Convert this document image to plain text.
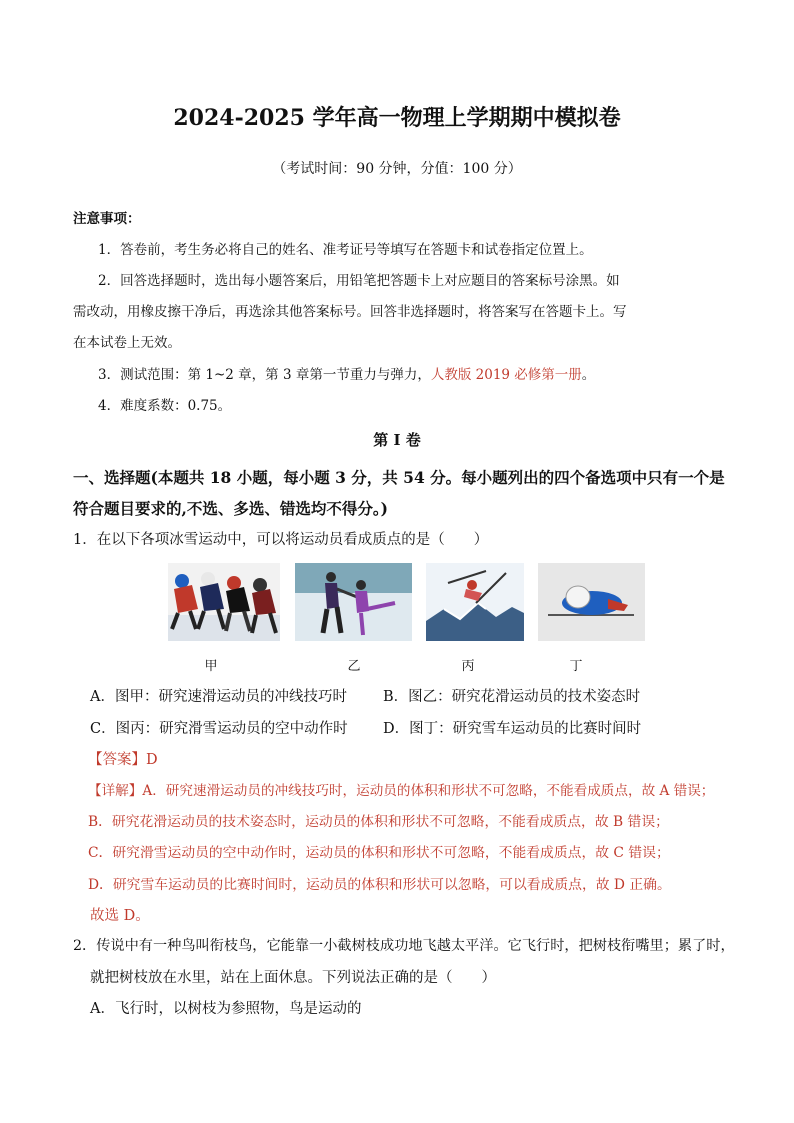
2024-2025 学年高一物理上学期期中模拟卷
（考试时间：90 分钟，分值：100 分）
注意事项：
1．答卷前，考生务必将自己的姓名、准考证号等填写在答题卡和试卷指定位置上。
2．回答选择题时，选出每小题答案后，用铅笔把答题卡上对应题目的答案标号涂黑。如
需改动，用橡皮擦干净后，再选涂其他答案标号。回答非选择题时，将答案写在答题卡上。写
在本试卷上无效。
3．测试范围：第 1~2 章，第 3 章第一节重力与弹力，人教版 2019 必修第一册。
4．难度系数：0.75。
第 I 卷
一、选择题(本题共 18 小题，每小题 3 分，共 54 分。每小题列出的四个备选项中只有一个是
符合题目要求的,不选、多选、错选均不得分。)
1．在以下各项冰雪运动中，可以将运动员看成质点的是（　　）
甲	乙	丙	丁
A．图甲：研究速滑运动员的冲线技巧时 B．图乙：研究花滑运动员的技术姿态时
C．图丙：研究滑雪运动员的空中动作时 D．图丁：研究雪车运动员的比赛时间时
【答案】D
【详解】A．研究速滑运动员的冲线技巧时，运动员的体积和形状不可忽略，不能看成质点，故 A 错误；
B．研究花滑运动员的技术姿态时，运动员的体积和形状不可忽略，不能看成质点，故 B 错误；
C．研究滑雪运动员的空中动作时，运动员的体积和形状不可忽略，不能看成质点，故 C 错误；
D．研究雪车运动员的比赛时间时，运动员的体积和形状可以忽略，可以看成质点，故 D 正确。
故选 D。
2．传说中有一种鸟叫衔枝鸟，它能靠一小截树枝成功地飞越太平洋。它飞行时，把树枝衔嘴里；累了时，
就把树枝放在水里，站在上面休息。下列说法正确的是（　　）
A．飞行时，以树枝为参照物，鸟是运动的
